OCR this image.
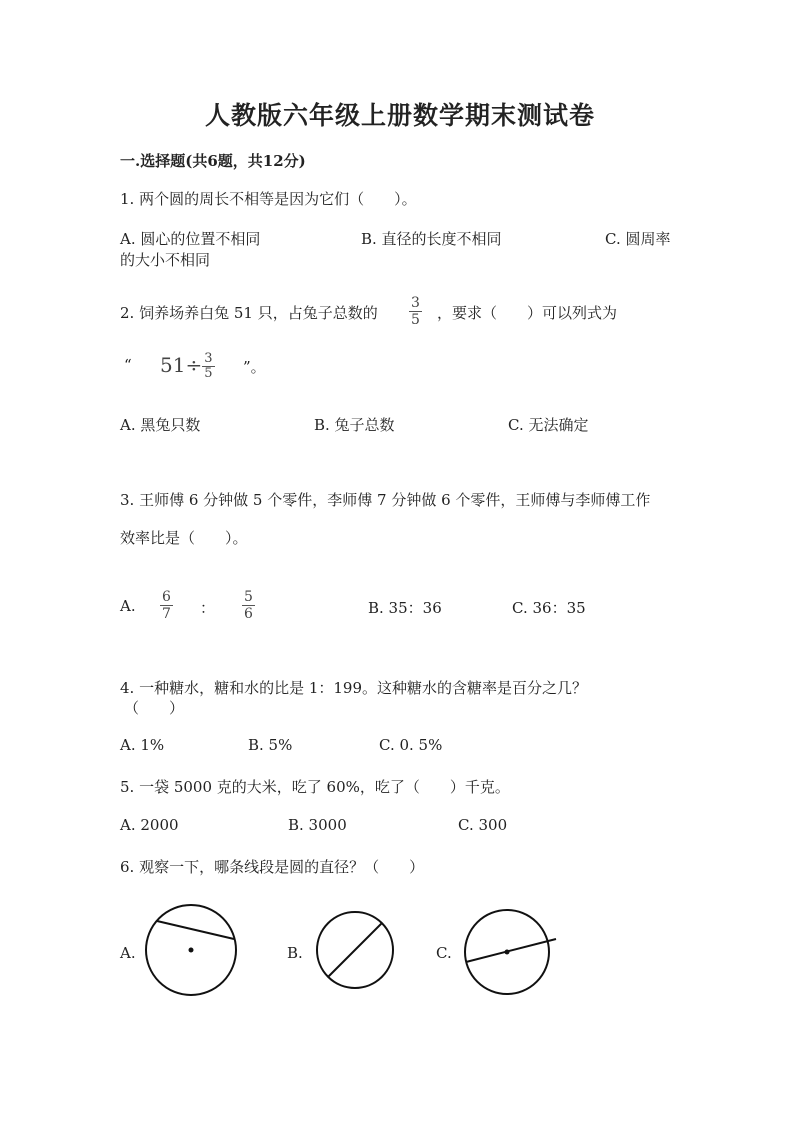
人教版六年级上册数学期末测试卷
一.选择题(共6题，共12分)
1. 两个圆的周长不相等是因为它们（　　）。
A. 圆心的位置不相同	B. 直径的长度不相同	C. 圆周率
的大小不相同
2. 饲养场养白兔 51 只，占兔子总数的 $\frac{3}{5}$ ，要求（　　）可以列式为
“ $51\div \frac{3}{5}$ ”。
A. 黑兔只数	B. 兔子总数	C. 无法确定
3. 王师傅 6 分钟做 5 个零件，李师傅 7 分钟做 6 个零件，王师傅与李师傅工作
效率比是（　　）。
A. $\frac{6}{7}$ ： $\frac{5}{6}$	B. 35：36	C. 36：35
4. 一种糖水，糖和水的比是 1：199。这种糖水的含糖率是百分之几？
（　　）
A. 1%	B. 5%	C. 0. 5%
5. 一袋 5000 克的大米，吃了 60%，吃了（　　）千克。
A. 2000	B. 3000	C. 300
6. 观察一下，哪条线段是圆的直径？（　　）
A.	B.	C.
